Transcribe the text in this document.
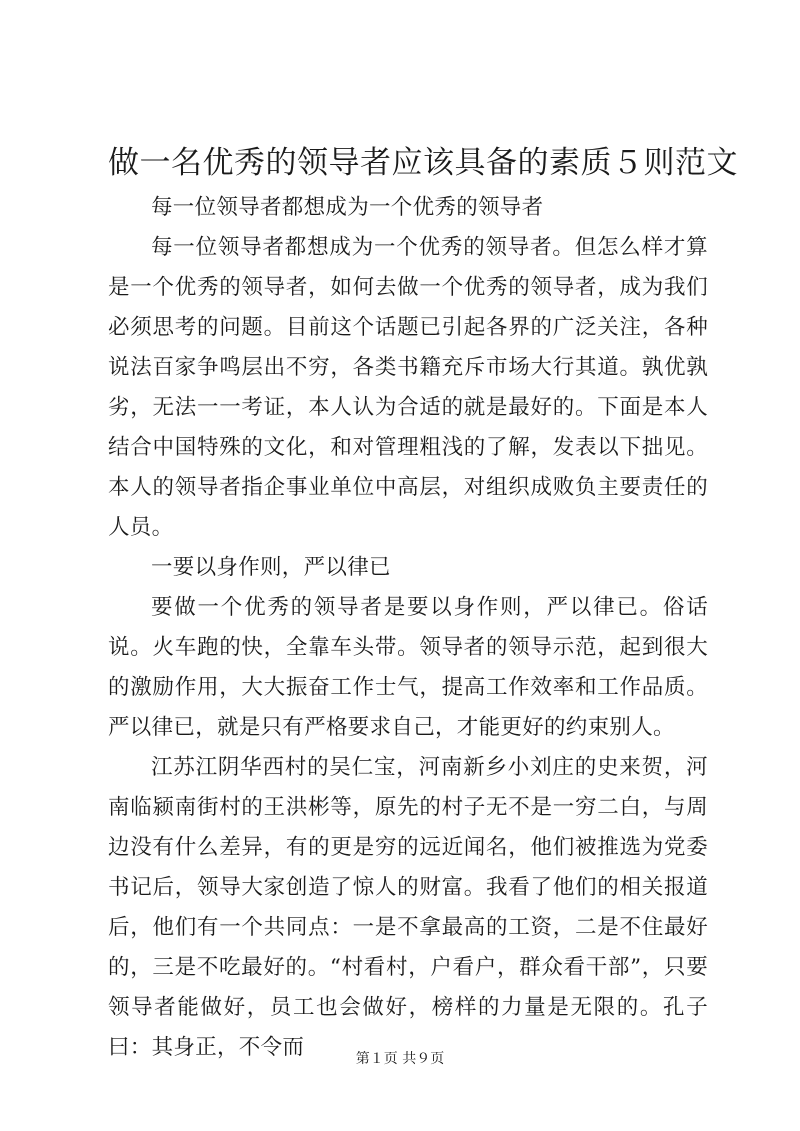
做一名优秀的领导者应该具备的素质５则范文

每一位领导者都想成为一个优秀的领导者

每一位领导者都想成为一个优秀的领导者。但怎么样才算是一个优秀的领导者，如何去做一个优秀的领导者，成为我们必须思考的问题。目前这个话题已引起各界的广泛关注，各种说法百家争鸣层出不穷，各类书籍充斥市场大行其道。孰优孰劣，无法一一考证，本人认为合适的就是最好的。下面是本人结合中国特殊的文化，和对管理粗浅的了解，发表以下拙见。本人的领导者指企事业单位中高层，对组织成败负主要责任的人员。

一要以身作则，严以律已

要做一个优秀的领导者是要以身作则，严以律已。俗话说。火车跑的快，全靠车头带。领导者的领导示范，起到很大的激励作用，大大振奋工作士气，提高工作效率和工作品质。严以律已，就是只有严格要求自己，才能更好的约束别人。

江苏江阴华西村的吴仁宝，河南新乡小刘庄的史来贺，河南临颍南街村的王洪彬等，原先的村子无不是一穷二白，与周边没有什么差异，有的更是穷的远近闻名，他们被推选为党委书记后，领导大家创造了惊人的财富。我看了他们的相关报道后，他们有一个共同点：一是不拿最高的工资，二是不住最好的，三是不吃最好的。“村看村，户看户，群众看干部”，只要领导者能做好，员工也会做好，榜样的力量是无限的。孔子曰：其身正，不令而	第１页 共９页
